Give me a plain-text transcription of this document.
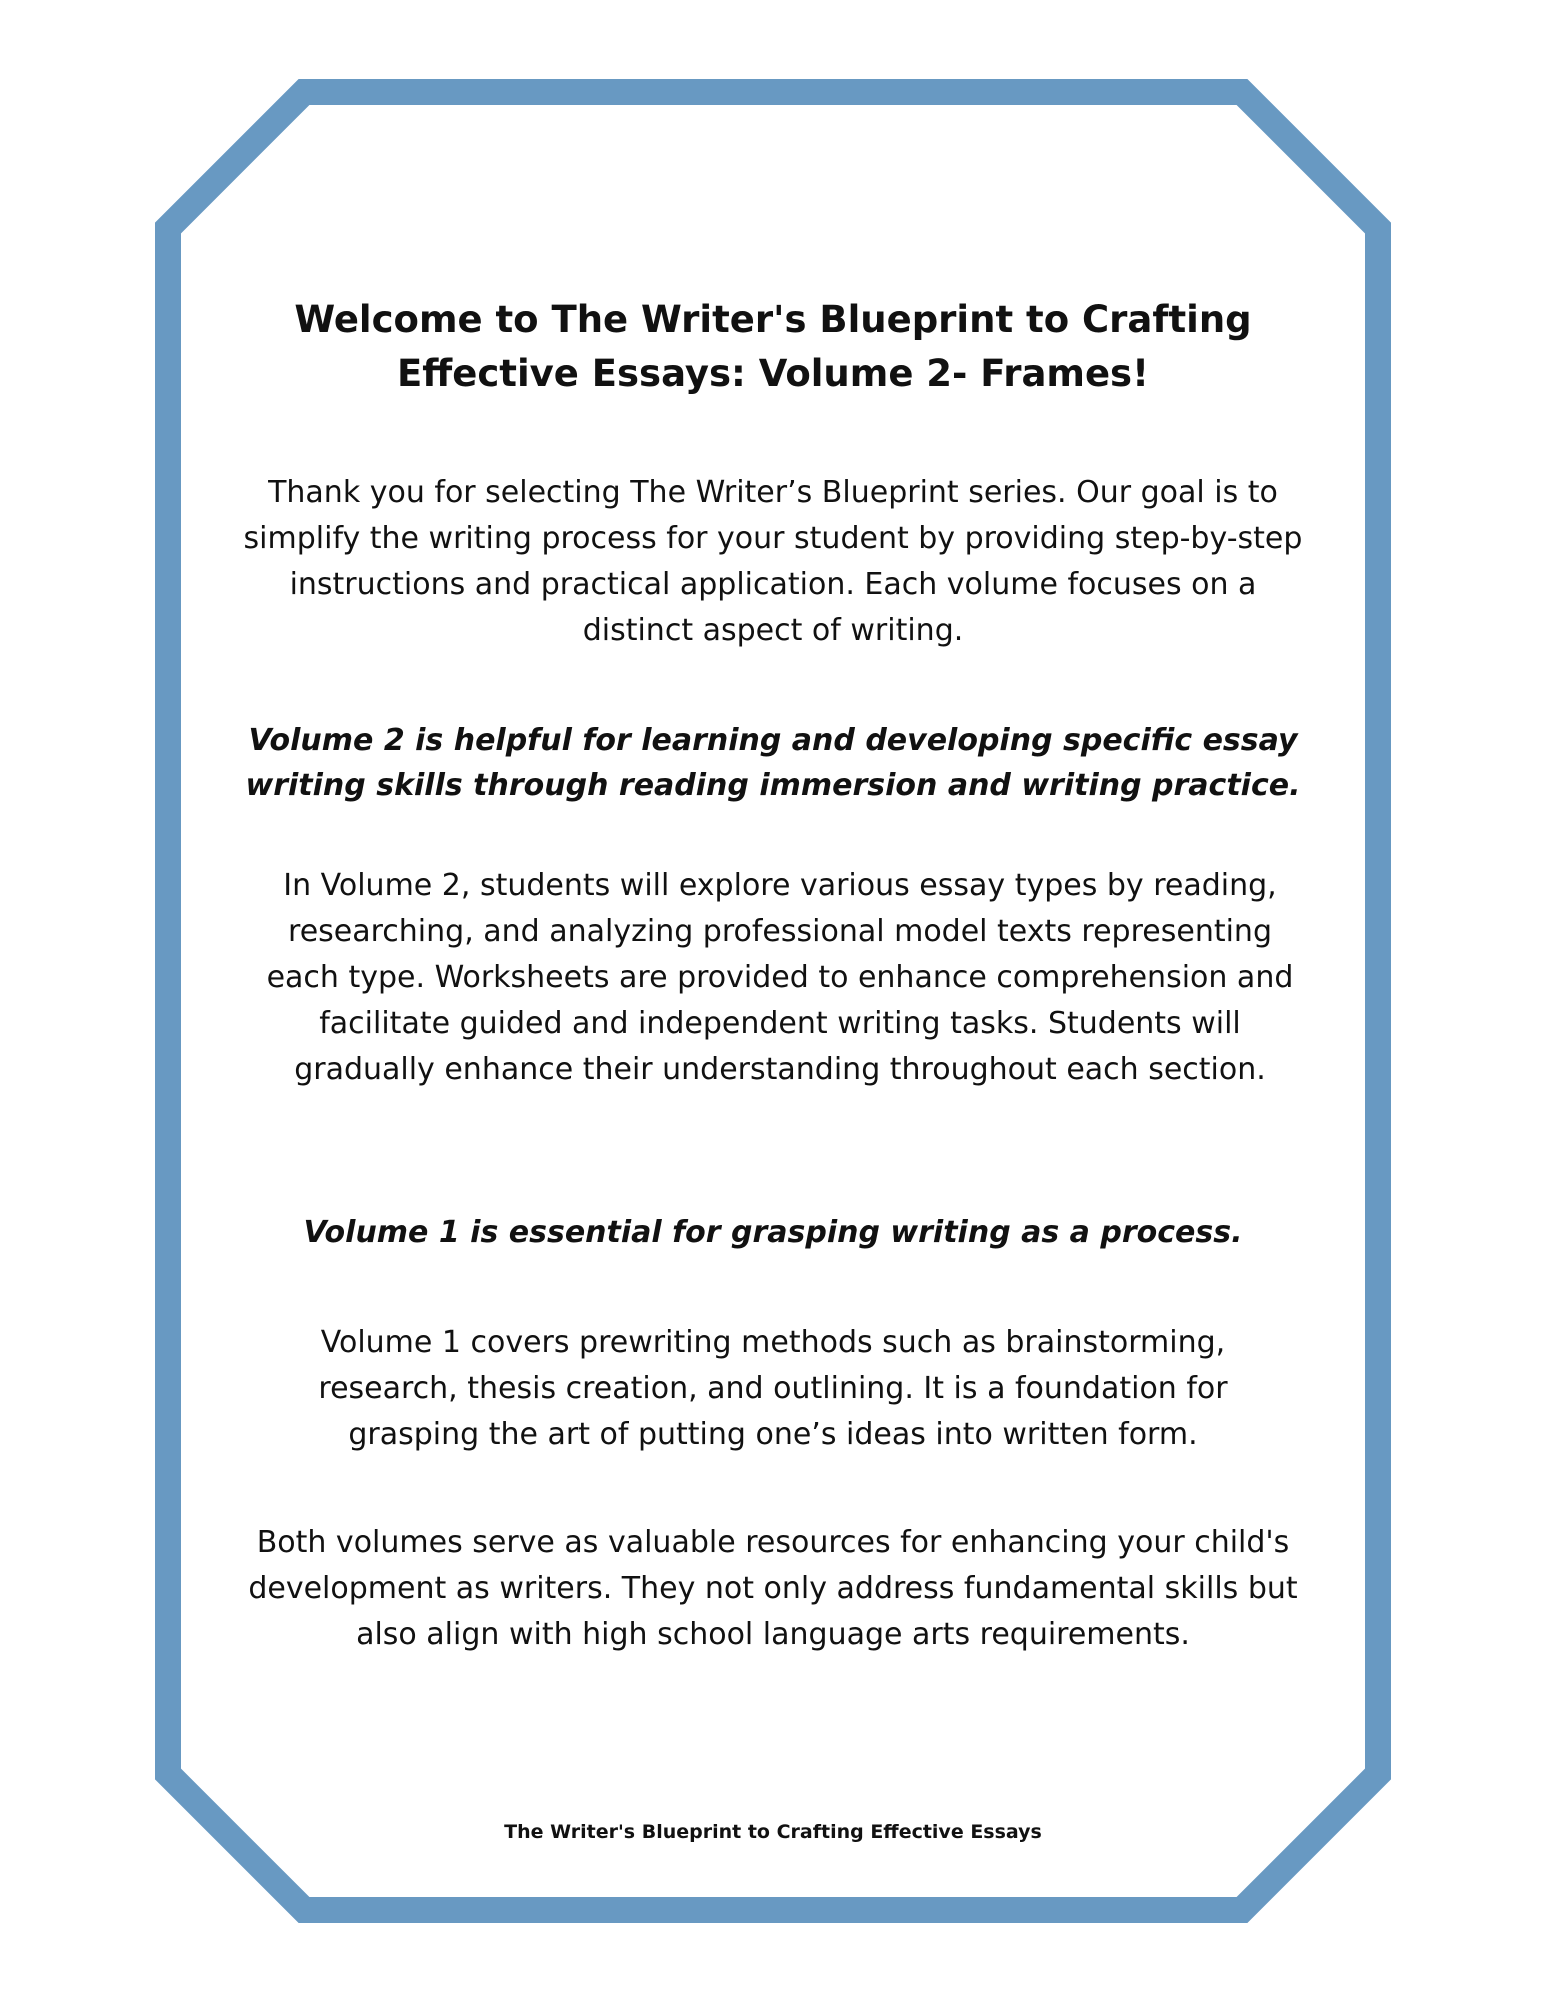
Welcome to The Writer's Blueprint to Crafting Effective Essays: Volume 2- Frames!

Thank you for selecting The Writer’s Blueprint series. Our goal is to simplify the writing process for your student by providing step-by-step instructions and practical application. Each volume focuses on a distinct aspect of writing.

Volume 2 is helpful for learning and developing specific essay writing skills through reading immersion and writing practice.

In Volume 2, students will explore various essay types by reading, researching, and analyzing professional model texts representing each type. Worksheets are provided to enhance comprehension and facilitate guided and independent writing tasks. Students will gradually enhance their understanding throughout each section.

Volume 1 is essential for grasping writing as a process.

Volume 1 covers prewriting methods such as brainstorming, research, thesis creation, and outlining. It is a foundation for grasping the art of putting one’s ideas into written form.

Both volumes serve as valuable resources for enhancing your child's development as writers. They not only address fundamental skills but also align with high school language arts requirements.

The Writer's Blueprint to Crafting Effective Essays
